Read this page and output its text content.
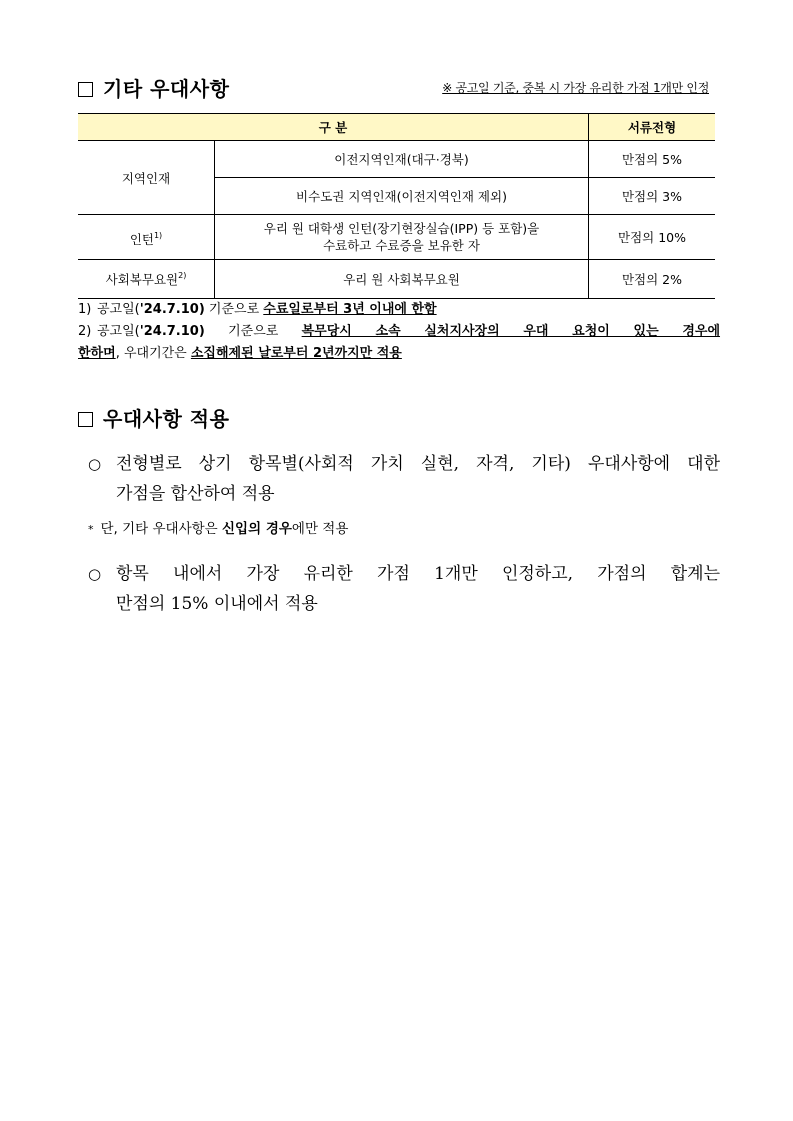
기타 우대사항	※ 공고일 기준, 중복 시 가장 유리한 가점 1개만 인정
구 분		서류전형
지역인재	이전지역인재(대구·경북)	만점의 5%
	비수도권 지역인재(이전지역인재 제외)	만점의 3%
인턴$^{1)}$	우리 원 대학생 인턴(장기현장실습(IPP) 등 포함)을
수료하고 수료증을 보유한 자	만점의 10%
사회복무요원$^{2)}$	우리 원 사회복무요원	만점의 2%
1) 공고일('24.7.10) 기준으로 수료일로부터 3년 이내에 한함
2) 공고일('24.7.10) 기준으로 복무당시 소속 실처지사장의 우대 요청이 있는 경우에
한하며, 우대기간은 소집해제된 날로부터 2년까지만 적용
우대사항 적용
○ 전형별로 상기 항목별(사회적 가치 실현, 자격, 기타) 우대사항에 대한
가점을 합산하여 적용
* 단, 기타 우대사항은 신입의 경우에만 적용
○ 항목 내에서 가장 유리한 가점 1개만 인정하고, 가점의 합계는
만점의 15% 이내에서 적용
